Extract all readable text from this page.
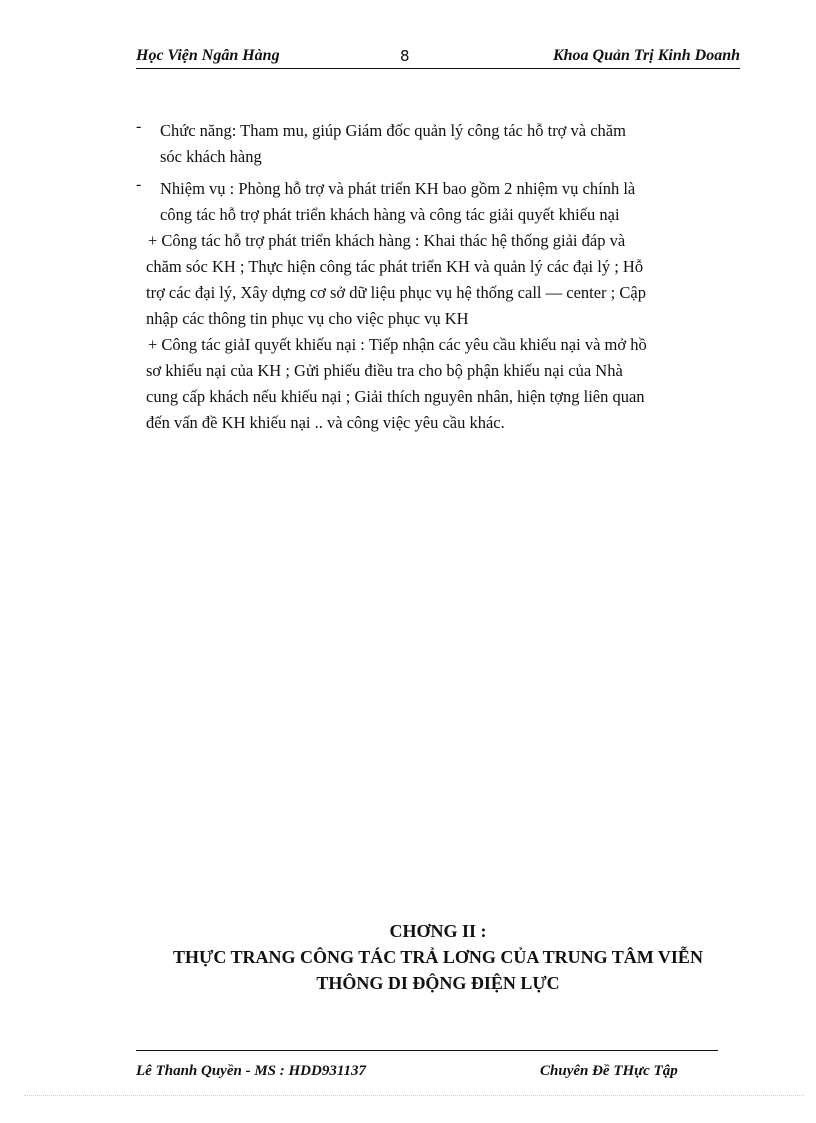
Học Viện Ngân Hàng	8	Khoa Quản Trị Kinh Doanh
- Chức năng: Tham mu, giúp Giám đốc quản lý công tác hỗ trợ và chăm
sóc khách hàng
- Nhiệm vụ : Phòng hỗ trợ và phát triển KH bao gồm 2 nhiệm vụ chính là
công tác hỗ trợ phát triển khách hàng và công tác giải quyết khiếu nại
+ Công tác hỗ trợ phát triển khách hàng : Khai thác hệ thống giải đáp và
chăm sóc KH ; Thực hiện công tác phát triển KH và quản lý các đại lý ; Hỗ
trợ các đại lý, Xây dựng cơ sở dữ liệu phục vụ hệ thống call — center ; Cập
nhập các thông tin phục vụ cho việc phục vụ KH
+ Công tác giảI quyết khiếu nại : Tiếp nhận các yêu cầu khiếu nại và mở hồ
sơ khiếu nại của KH ; Gửi phiếu điều tra cho bộ phận khiếu nại của Nhà
cung cấp khách nếu khiếu nại ; Giải thích nguyên nhân, hiện tợng liên quan
đến vấn đề KH khiếu nại .. và công việc yêu cầu khác.
CHƠNG II :
THỰC TRANG CÔNG TÁC TRẢ LƠNG CỦA TRUNG TÂM VIỄN
THÔNG DI ĐỘNG ĐIỆN LỰC
Lê Thanh Quyền - MS : HDD931137	Chuyên Đề THực Tập
